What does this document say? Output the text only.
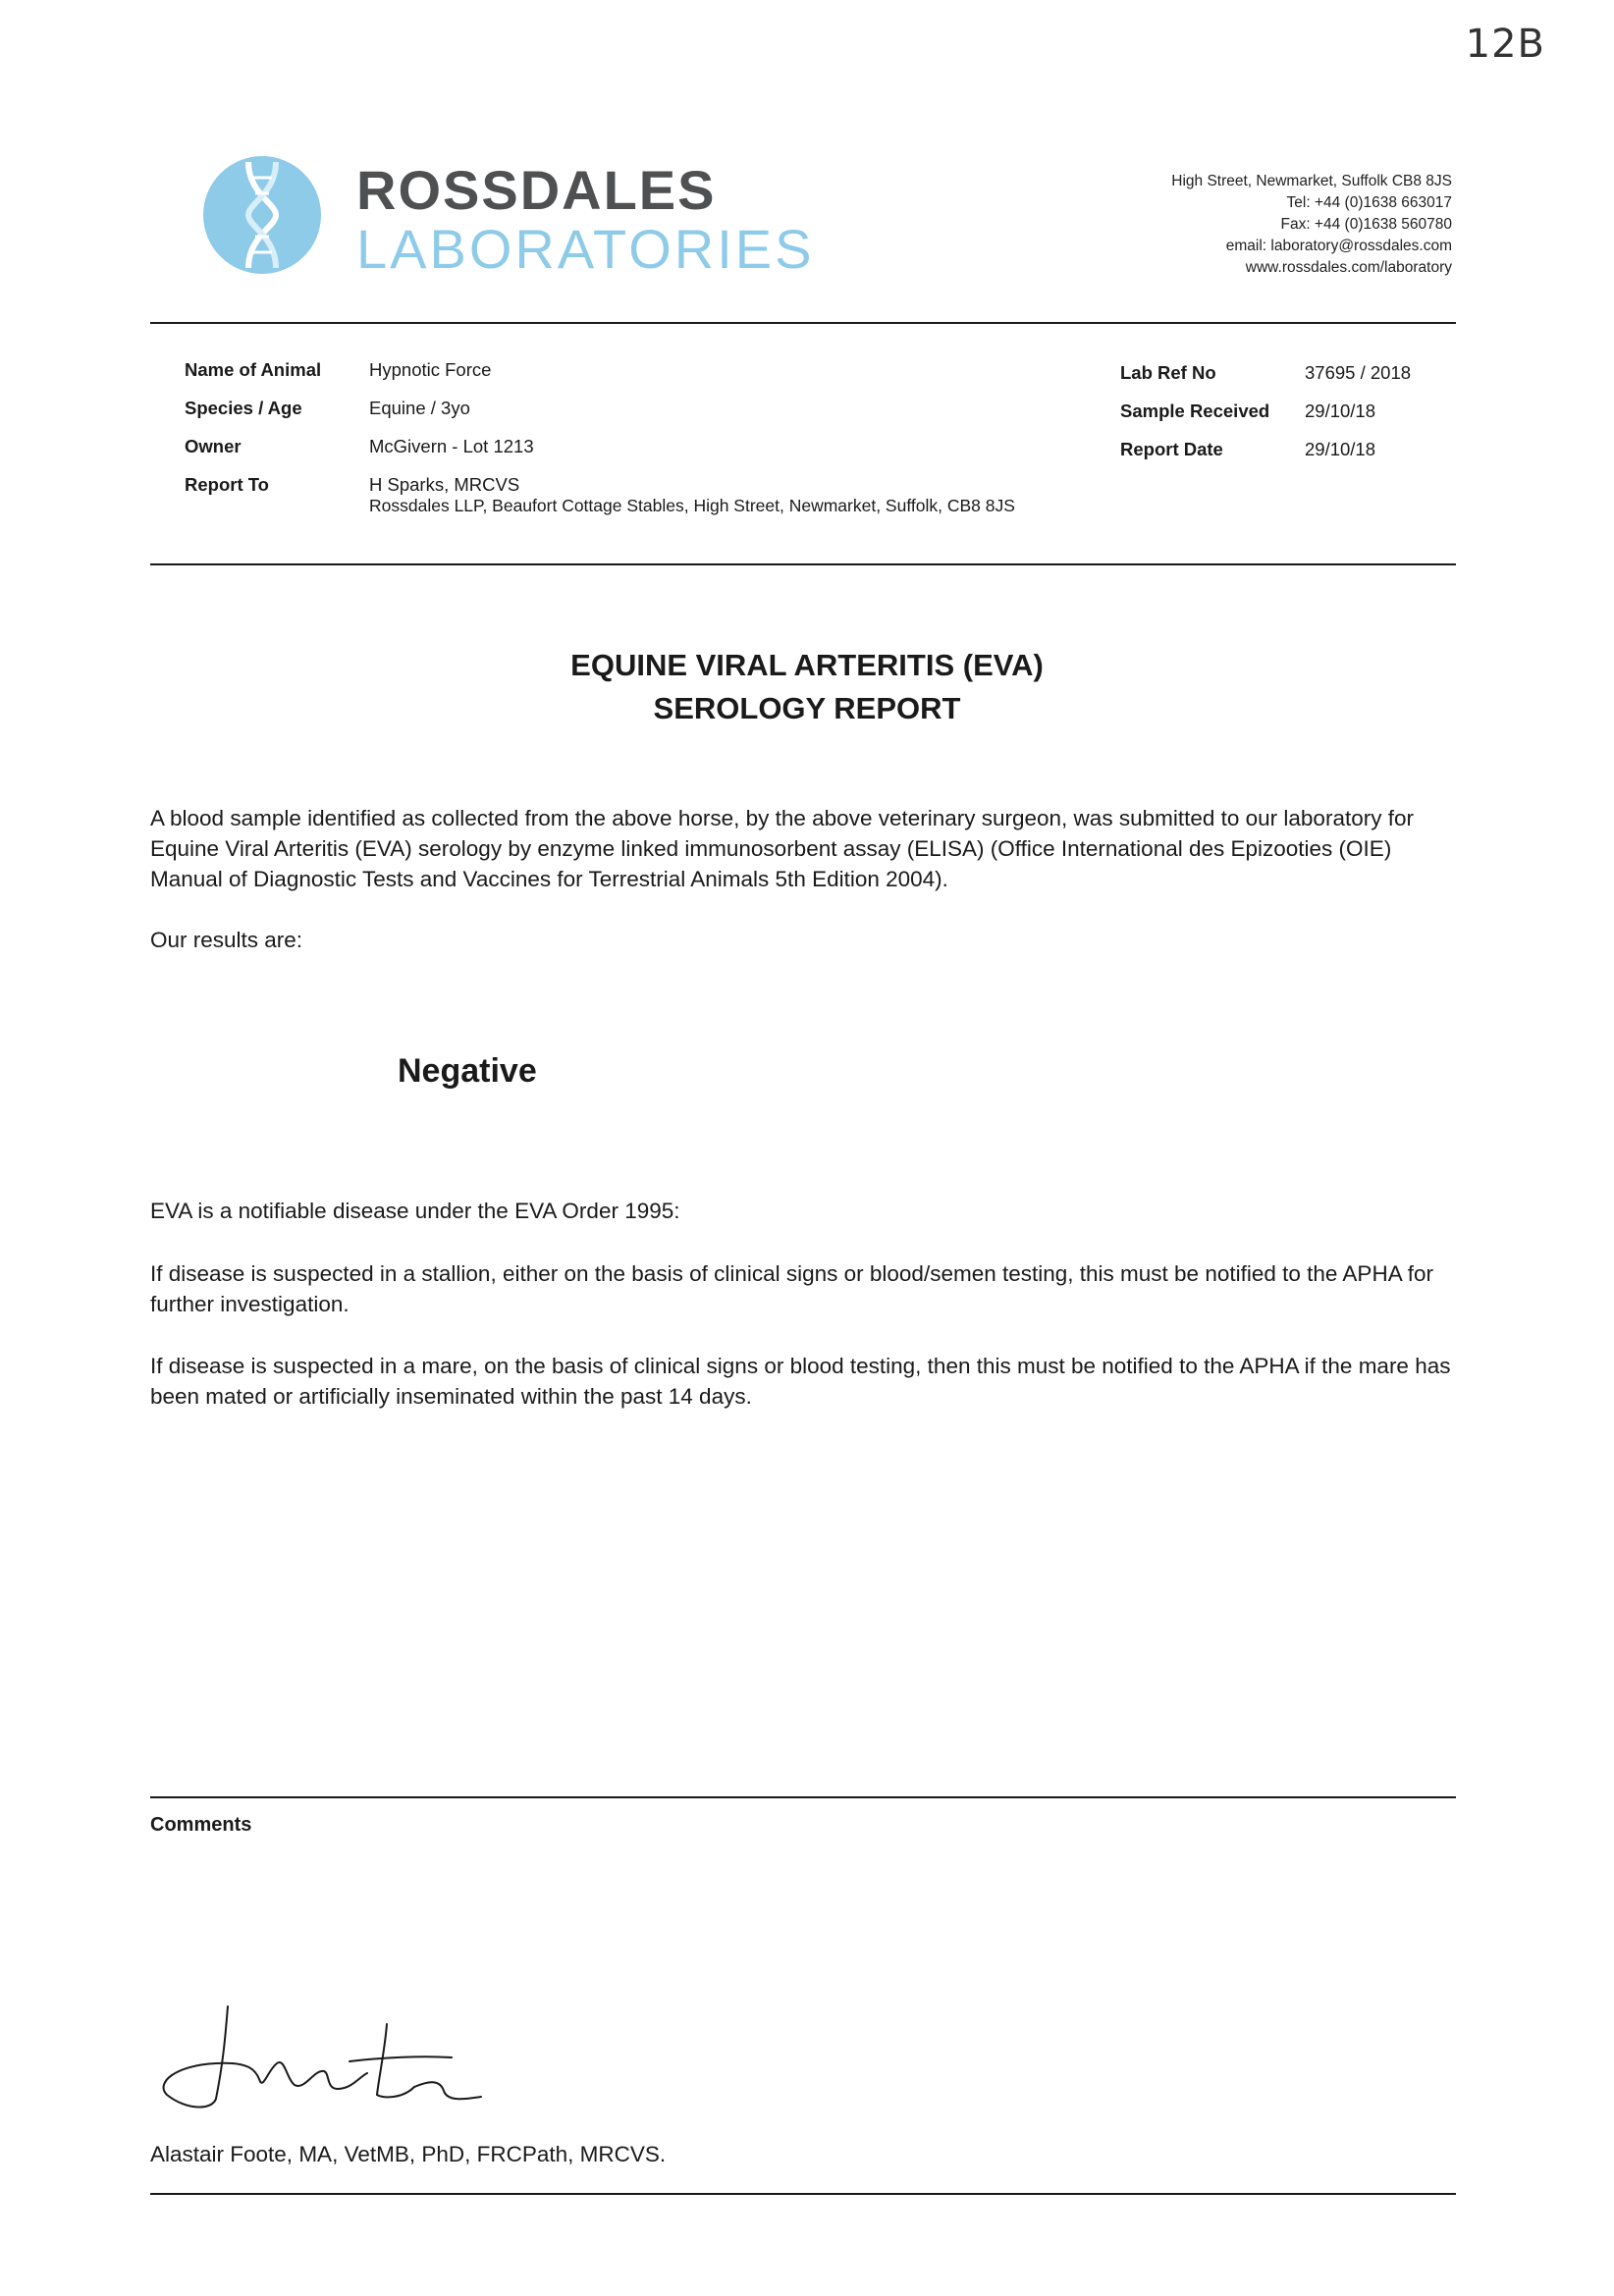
12B
ROSSDALES
LABORATORIES
High Street, Newmarket, Suffolk CB8 8JS
Tel: +44 (0)1638 663017
Fax: +44 (0)1638 560780
email: laboratory@rossdales.com
www.rossdales.com/laboratory
Name of Animal	Hypnotic Force
Species / Age	Equine / 3yo
Owner	McGivern - Lot 1213
Report To	H Sparks, MRCVS
Rossdales LLP, Beaufort Cottage Stables, High Street, Newmarket, Suffolk, CB8 8JS
Lab Ref No	37695 / 2018
Sample Received	29/10/18
Report Date	29/10/18
EQUINE VIRAL ARTERITIS (EVA)
SEROLOGY REPORT
A blood sample identified as collected from the above horse, by the above veterinary surgeon, was submitted to our laboratory for Equine Viral Arteritis (EVA) serology by enzyme linked immunosorbent assay (ELISA) (Office International des Epizooties (OIE) Manual of Diagnostic Tests and Vaccines for Terrestrial Animals 5th Edition 2004).
Our results are:
Negative
EVA is a notifiable disease under the EVA Order 1995:
If disease is suspected in a stallion, either on the basis of clinical signs or blood/semen testing, this must be notified to the APHA for further investigation.
If disease is suspected in a mare, on the basis of clinical signs or blood testing, then this must be notified to the APHA if the mare has been mated or artificially inseminated within the past 14 days.
Comments
Alastair Foote, MA, VetMB, PhD, FRCPath, MRCVS.
